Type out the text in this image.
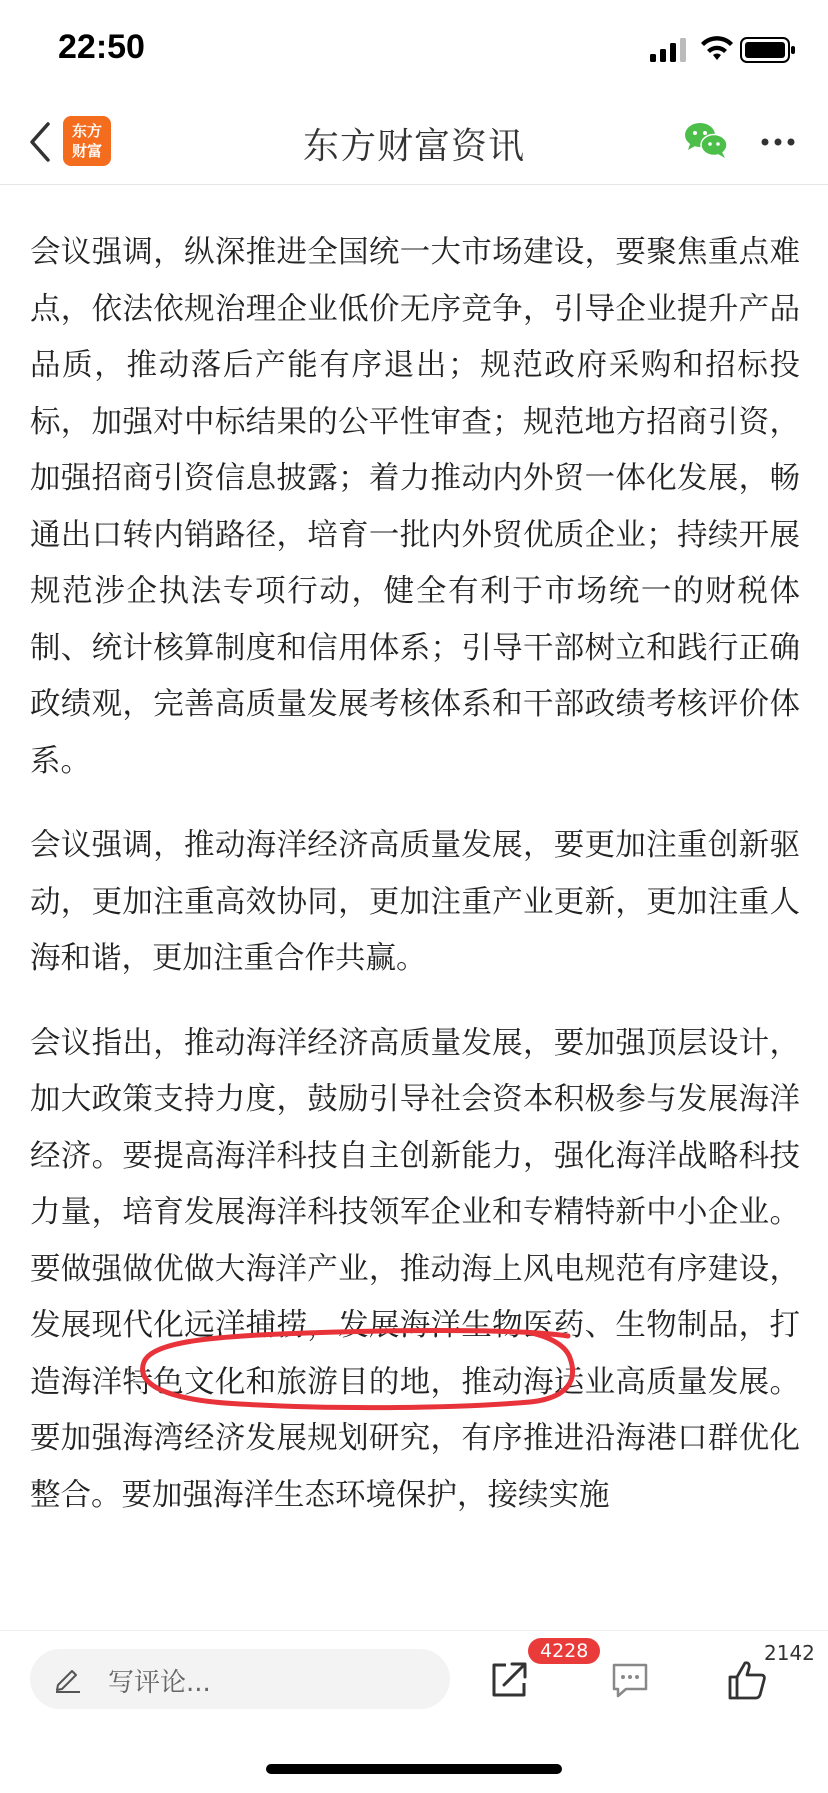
22:50
东方
财富	东方财富资讯

会议强调，纵深推进全国统一大市场建设，要聚焦重点难点，依法依规治理企业低价无序竞争，引导企业提升产品品质，推动落后产能有序退出；规范政府采购和招标投标，加强对中标结果的公平性审查；规范地方招商引资，加强招商引资信息披露；着力推动内外贸一体化发展，畅通出口转内销路径，培育一批内外贸优质企业；持续开展规范涉企执法专项行动，健全有利于市场统一的财税体制、统计核算制度和信用体系；引导干部树立和践行正确政绩观，完善高质量发展考核体系和干部政绩考核评价体系。

会议强调，推动海洋经济高质量发展，要更加注重创新驱动，更加注重高效协同，更加注重产业更新，更加注重人海和谐，更加注重合作共赢。

会议指出，推动海洋经济高质量发展，要加强顶层设计，加大政策支持力度，鼓励引导社会资本积极参与发展海洋经济。要提高海洋科技自主创新能力，强化海洋战略科技力量，培育发展海洋科技领军企业和专精特新中小企业。要做强做优做大海洋产业，推动海上风电规范有序建设，发展现代化远洋捕捞，发展海洋生物医药、生物制品，打造海洋特色文化和旅游目的地，推动海运业高质量发展。要加强海湾经济发展规划研究，有序推进沿海港口群优化整合。要加强海洋生态环境保护，接续实施

写评论...
4228	2142
